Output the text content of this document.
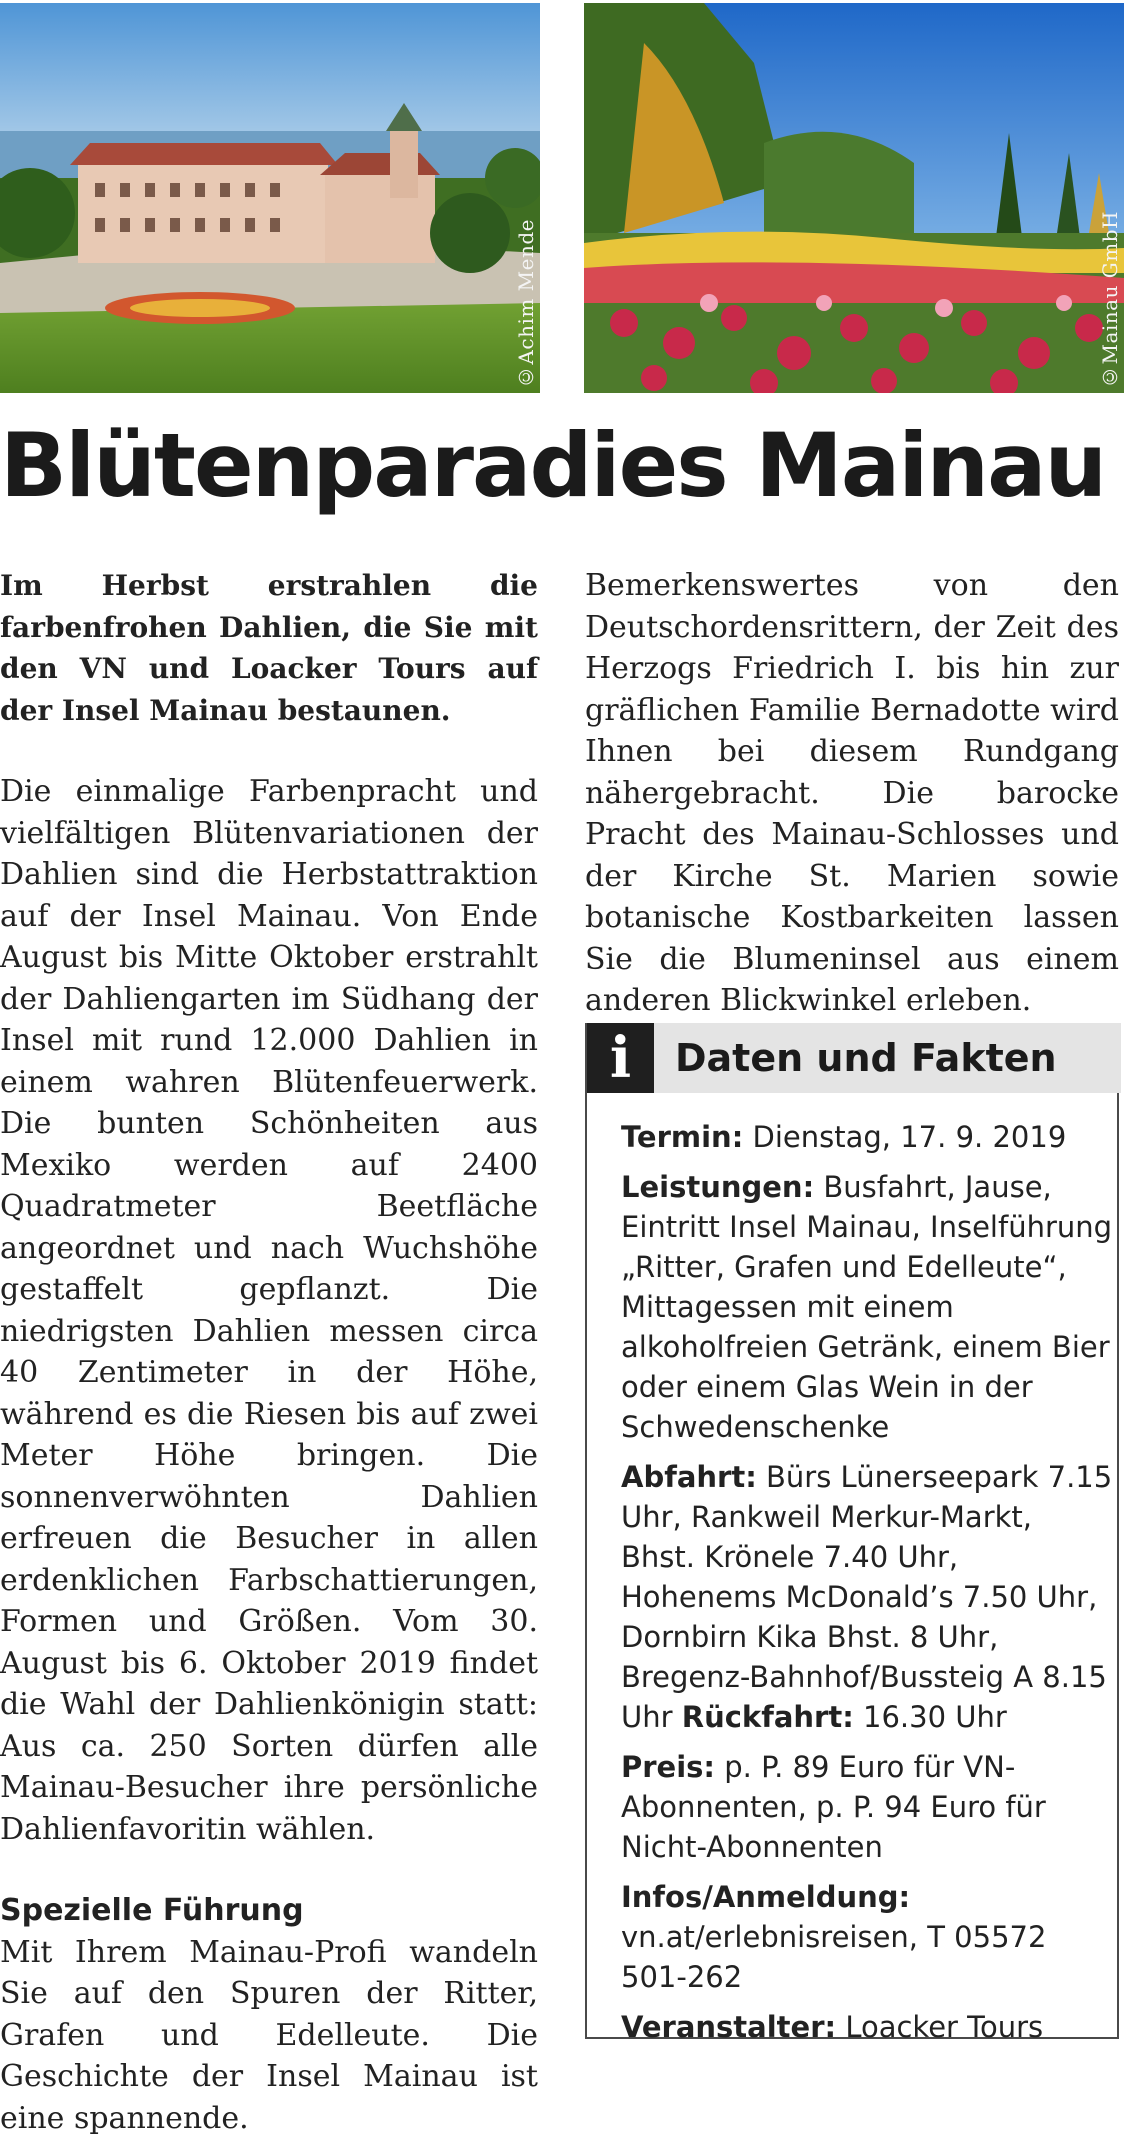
©Achim Mende	©Mainau GmbH
Blütenparadies Mainau

Im Herbst erstrahlen die farbenfrohen Dahlien, die Sie mit den VN und Loacker Tours auf der Insel Mainau bestaunen.

Die einmalige Farbenpracht und vielfältigen Blütenvariationen der Dahlien sind die Herbstattraktion auf der Insel Mainau. Von Ende August bis Mitte Oktober erstrahlt der Dahliengarten im Südhang der Insel mit rund 12.000 Dahlien in einem wahren Blütenfeuerwerk. Die bunten Schönheiten aus Mexiko werden auf 2400 Quadratmeter Beetfläche angeordnet und nach Wuchshöhe gestaffelt gepflanzt. Die niedrigsten Dahlien messen circa 40 Zentimeter in der Höhe, während es die Riesen bis auf zwei Meter Höhe bringen. Die sonnenverwöhnten Dahlien erfreuen die Besucher in allen erdenklichen Farbschattierungen, Formen und Größen. Vom 30. August bis 6. Oktober 2019 findet die Wahl der Dahlienkönigin statt: Aus ca. 250 Sorten dürfen alle Mainau-Besucher ihre persönliche Dahlienfavoritin wählen.

Spezielle Führung

Mit Ihrem Mainau-Profi wandeln Sie auf den Spuren der Ritter, Grafen und Edelleute. Die Geschichte der Insel Mainau ist eine spannende.

Bemerkenswertes von den Deutschordensrittern, der Zeit des Herzogs Friedrich I. bis hin zur gräflichen Familie Bernadotte wird Ihnen bei diesem Rundgang nähergebracht. Die barocke Pracht des Mainau-Schlosses und der Kirche St. Marien sowie botanische Kostbarkeiten lassen Sie die Blumeninsel aus einem anderen Blickwinkel erleben.

i	Daten und Fakten

Termin: Dienstag, 17. 9. 2019

Leistungen: Busfahrt, Jause, Eintritt Insel Mainau, Inselführung „Ritter, Grafen und Edelleute“, Mittagessen mit einem alkoholfreien Getränk, einem Bier oder einem Glas Wein in der Schwedenschenke

Abfahrt: Bürs Lünerseepark 7.15 Uhr, Rankweil Merkur-Markt, Bhst. Krönele 7.40 Uhr, Hohenems McDonald’s 7.50 Uhr, Dornbirn Kika Bhst. 8 Uhr, Bregenz-Bahnhof/Bussteig A 8.15 Uhr Rückfahrt: 16.30 Uhr

Preis: p. P. 89 Euro für VN-Abonnenten, p. P. 94 Euro für Nicht-Abonnenten

Infos/Anmeldung: vn.at/erlebnisreisen, T 05572 501-262

Veranstalter: Loacker Tours
